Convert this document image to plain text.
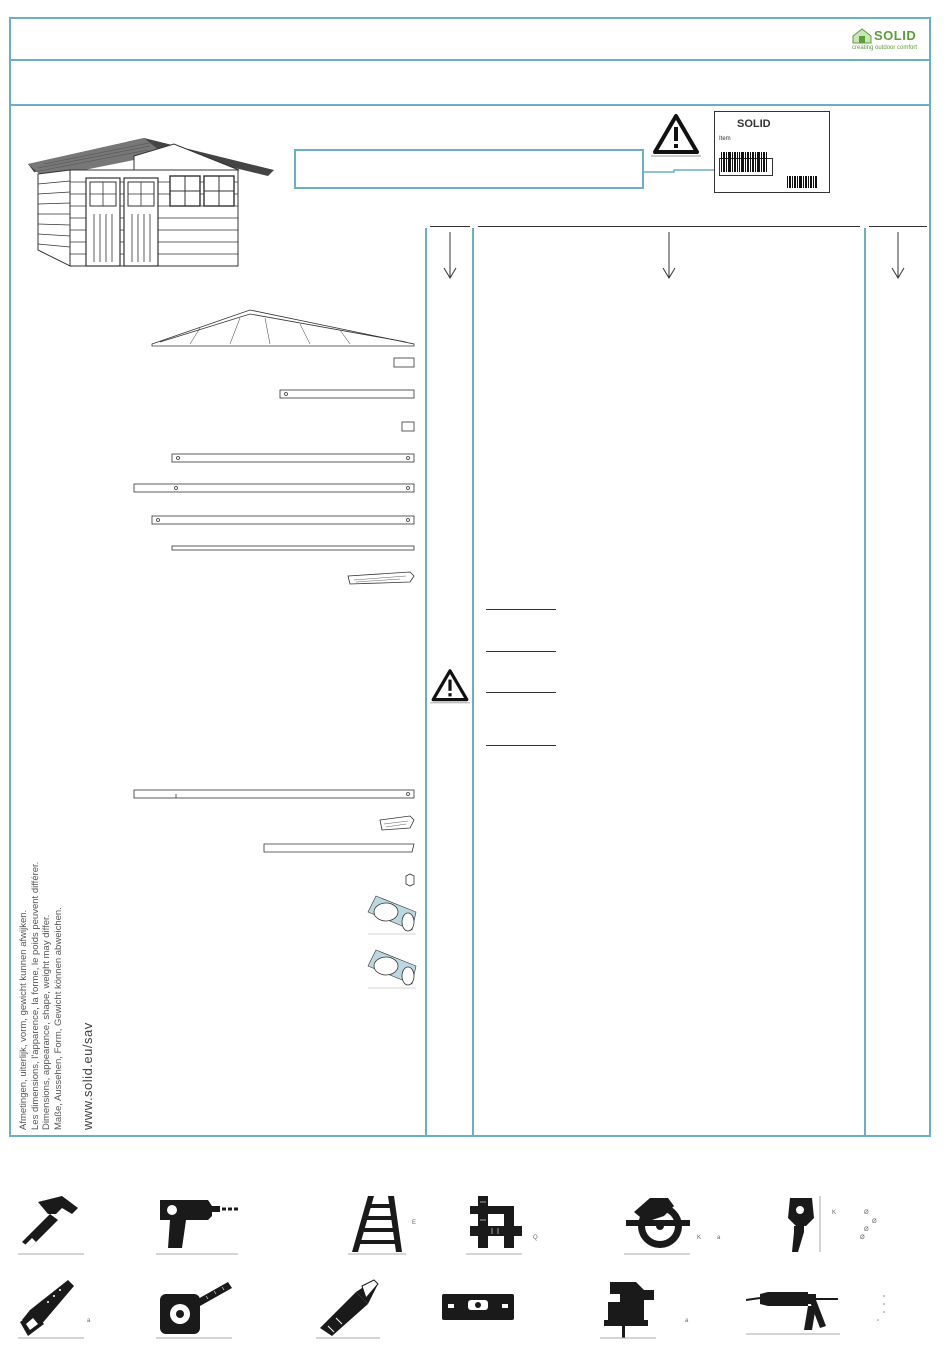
SOLID
creating outdoor comfort
SOLID
Item
Afmetingen, uiterlijk, vorm, gewicht kunnen afwijken. Les dimensions, l'apparence, la forme, le poids peuvent différer. Dimensions, appearance, shape, weight may differ. Maße, Aussehen, Form, Gewicht können abweichen. www.solid.eu/sav
E
Q	K	a
K	Ø
Ø
Ø
Ø
a	a
